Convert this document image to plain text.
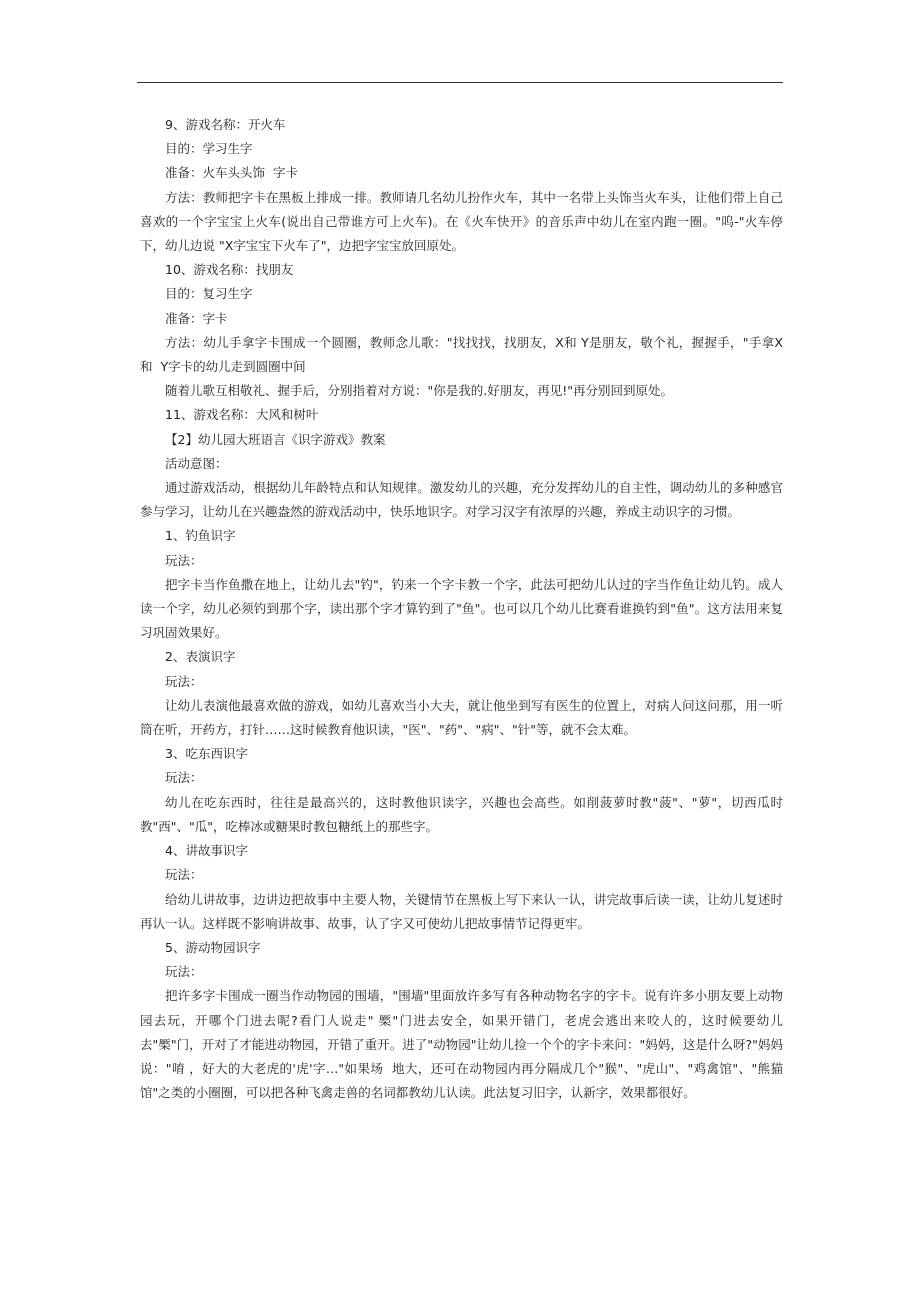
9、游戏名称：开火车

目的：学习生字

准备：火车头头饰  字卡

方法：教师把字卡在黑板上排成一排。教师请几名幼儿扮作火车，其中一名带上头饰当火车头，让他们带上自己喜欢的一个字宝宝上火车(说出自己带谁方可上火车)。在《火车快开》的音乐声中幼儿在室内跑一圈。"呜-"火车停下，幼儿边说 "X字宝宝下火车了"，边把字宝宝放回原处。

10、游戏名称：找朋友

目的：复习生字

准备：字卡

方法：幼儿手拿字卡围成一个圆圈，教师念儿歌："找找找，找朋友，X和 Y是朋友，敬个礼，握握手，"手拿X  和  Y字卡的幼儿走到圆圈中间

随着儿歌互相敬礼、握手后，分别指着对方说："你是我的.好朋友，再见!"再分别回到原处。

11、游戏名称：大风和树叶

【2】幼儿园大班语言《识字游戏》教案

活动意图：

通过游戏活动，根据幼儿年龄特点和认知规律。激发幼儿的兴趣，充分发挥幼儿的自主性，调动幼儿的多种感官参与学习，让幼儿在兴趣盎然的游戏活动中，快乐地识字。对学习汉字有浓厚的兴趣，养成主动识字的习惯。

1、钓鱼识字

玩法：

把字卡当作鱼撒在地上，让幼儿去"钓"，钓来一个字卡教一个字，此法可把幼儿认过的字当作鱼让幼儿钓。成人读一个字，幼儿必须钓到那个字，读出那个字才算钓到了"鱼"。也可以几个幼儿比赛看谁换钓到"鱼"。这方法用来复习巩固效果好。

2、表演识字

玩法：

让幼儿表演他最喜欢做的游戏，如幼儿喜欢当小大夫，就让他坐到写有医生的位置上，对病人问这问那，用一听筒在听，开药方，打针……这时候教育他识读，"医"、"药"、"病"、"针"等，就不会太难。

3、吃东西识字

玩法：

幼儿在吃东西时，往往是最高兴的，这时教他识读字，兴趣也会高些。如削菠萝时教"菠"、"萝"，切西瓜时教"西"、"瓜"，吃棒冰或糖果时教包糖纸上的那些字。

4、讲故事识字

玩法：

给幼儿讲故事，边讲边把故事中主要人物，关键情节在黑板上写下来认一认，讲完故事后读一读，让幼儿复述时再认一认。这样既不影响讲故事、故事，认了字又可使幼儿把故事情节记得更牢。

5、游动物园识字

玩法：

把许多字卡围成一圈当作动物园的围墙，"围墙"里面放许多写有各种动物名字的字卡。说有许多小朋友要上动物园去玩，开哪个门进去呢?看门人说走" 橜"门进去安全，如果开错门，老虎会逃出来咬人的，这时候要幼儿去"橜"门，开对了才能进动物园，开错了重开。进了"动物园"让幼儿捡一个个的字卡来问："妈妈，这是什么呀?"妈妈说："唷 ，好大的大老虎的'虎'字…"如果场  地大，还可在动物园内再分隔成几个"猴"、"虎山"、"鸡禽馆"、"熊猫馆"之类的小圈圈，可以把各种飞禽走兽的名词都教幼儿认读。此法复习旧字，认新字，效果都很好。
